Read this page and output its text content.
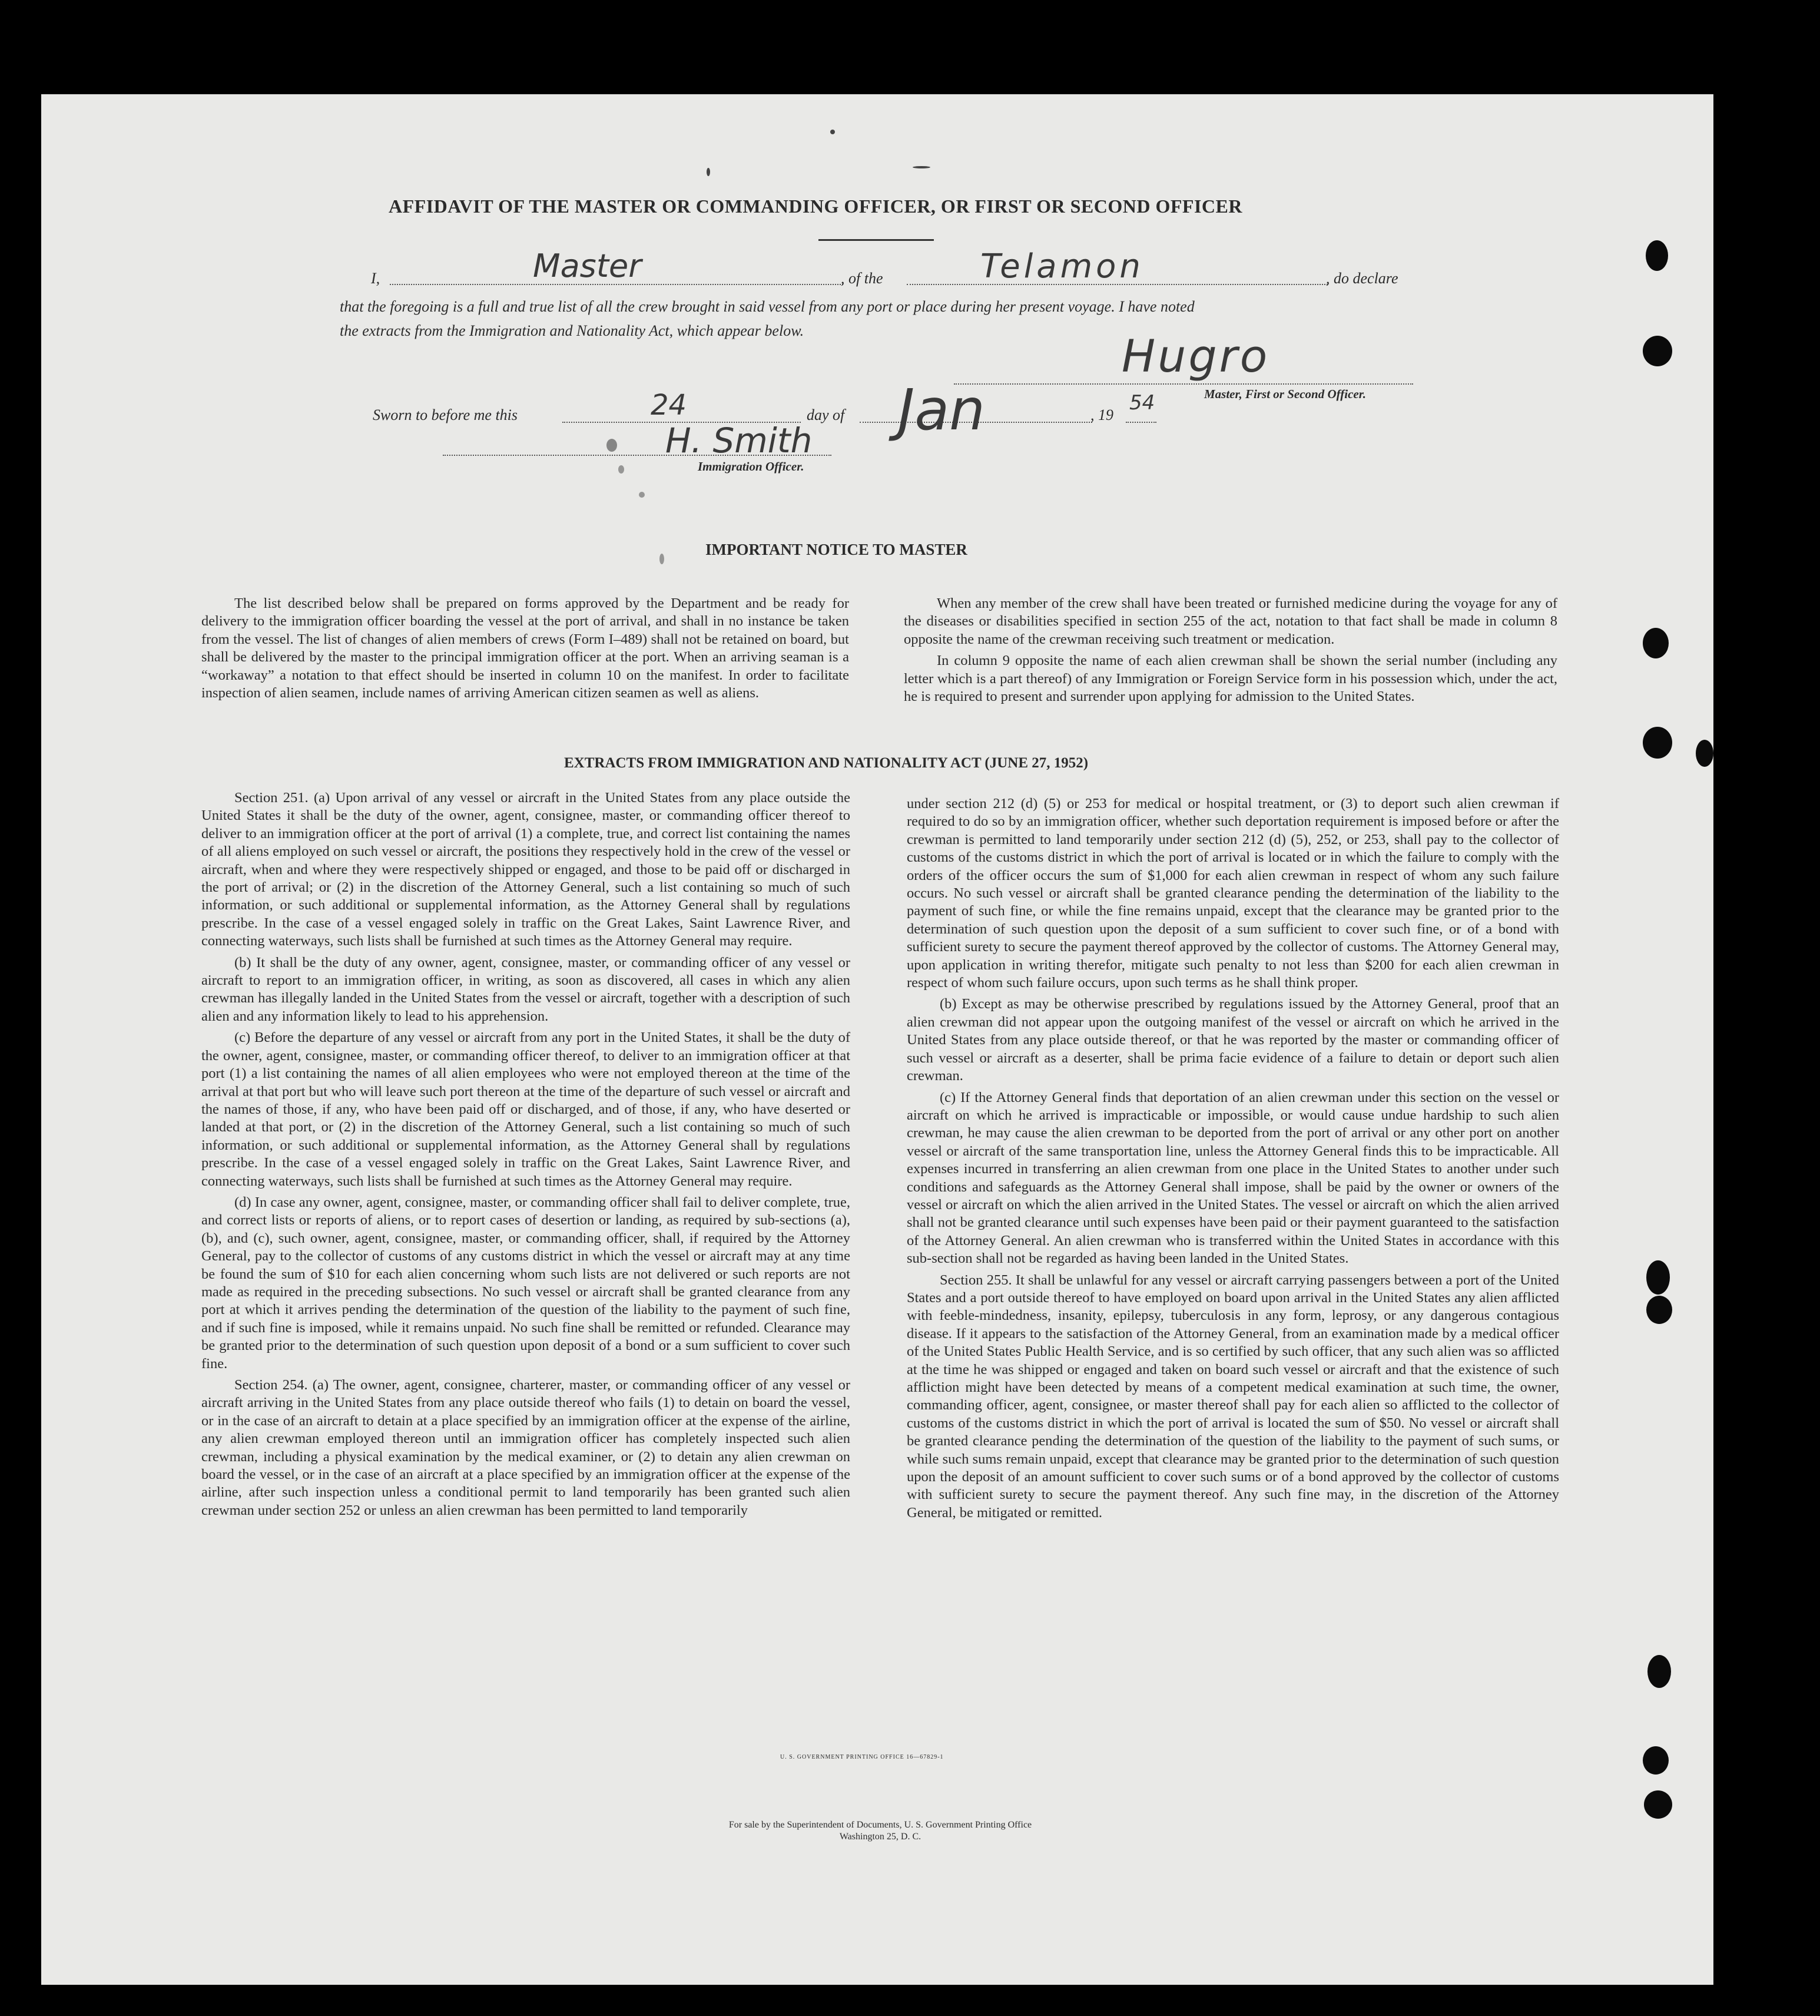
AFFIDAVIT OF THE MASTER OR COMMANDING OFFICER, OR FIRST OR SECOND OFFICER
I,	Master	, of the	Telamon	, do declare
that the foregoing is a full and true list of all the crew brought in said vessel from any port or place during her present voyage. I have noted
the extracts from the Immigration and Nationality Act, which appear below.	Hugro
Master, First or Second Officer.
Sworn to before me this	24	day of Jan	, 19
54
H. Smith
Immigration Officer.
IMPORTANT NOTICE TO MASTER

The list described below shall be prepared on forms approved by the Department and be ready for delivery to the immigration officer boarding the vessel at the port of arrival, and shall in no instance be taken from the vessel. The list of changes of alien members of crews (Form I–489) shall not be retained on board, but shall be delivered by the master to the principal immigration officer at the port. When an arriving seaman is a “workaway” a notation to that effect should be inserted in column 10 on the manifest. In order to facilitate inspection of alien seamen, include names of arriving American citizen seamen as well as aliens.

When any member of the crew shall have been treated or furnished medicine during the voyage for any of the diseases or disabilities specified in section 255 of the act, notation to that fact shall be made in column 8 opposite the name of the crewman receiving such treatment or medication.

In column 9 opposite the name of each alien crewman shall be shown the serial number (including any letter which is a part thereof) of any Immigration or Foreign Service form in his possession which, under the act, he is required to present and surrender upon applying for admission to the United States.

EXTRACTS FROM IMMIGRATION AND NATIONALITY ACT (JUNE 27, 1952)

Section 251. (a) Upon arrival of any vessel or aircraft in the United States from any place outside the United States it shall be the duty of the owner, agent, consignee, master, or commanding officer thereof to deliver to an immigration officer at the port of arrival (1) a complete, true, and correct list containing the names of all aliens employed on such vessel or aircraft, the positions they respectively hold in the crew of the vessel or aircraft, when and where they were respectively shipped or engaged, and those to be paid off or discharged in the port of arrival; or (2) in the discretion of the Attorney General, such a list containing so much of such information, or such additional or supplemental information, as the Attorney General shall by regulations prescribe. In the case of a vessel engaged solely in traffic on the Great Lakes, Saint Lawrence River, and connecting waterways, such lists shall be furnished at such times as the Attorney General may require.

(b) It shall be the duty of any owner, agent, consignee, master, or commanding officer of any vessel or aircraft to report to an immigration officer, in writing, as soon as discovered, all cases in which any alien crewman has illegally landed in the United States from the vessel or aircraft, together with a description of such alien and any information likely to lead to his apprehension.

(c) Before the departure of any vessel or aircraft from any port in the United States, it shall be the duty of the owner, agent, consignee, master, or commanding officer thereof, to deliver to an immigration officer at that port (1) a list containing the names of all alien employees who were not employed thereon at the time of the arrival at that port but who will leave such port thereon at the time of the departure of such vessel or aircraft and the names of those, if any, who have been paid off or discharged, and of those, if any, who have deserted or landed at that port, or (2) in the discretion of the Attorney General, such a list containing so much of such information, or such additional or supplemental information, as the Attorney General shall by regulations prescribe. In the case of a vessel engaged solely in traffic on the Great Lakes, Saint Lawrence River, and connecting waterways, such lists shall be furnished at such times as the Attorney General may require.

(d) In case any owner, agent, consignee, master, or commanding officer shall fail to deliver complete, true, and correct lists or reports of aliens, or to report cases of desertion or landing, as required by sub-sections (a), (b), and (c), such owner, agent, consignee, master, or commanding officer, shall, if required by the Attorney General, pay to the collector of customs of any customs district in which the vessel or aircraft may at any time be found the sum of $10 for each alien concerning whom such lists are not delivered or such reports are not made as required in the preceding subsections. No such vessel or aircraft shall be granted clearance from any port at which it arrives pending the determination of the question of the liability to the payment of such fine, and if such fine is imposed, while it remains unpaid. No such fine shall be remitted or refunded. Clearance may be granted prior to the determination of such question upon deposit of a bond or a sum sufficient to cover such fine.

Section 254. (a) The owner, agent, consignee, charterer, master, or commanding officer of any vessel or aircraft arriving in the United States from any place outside thereof who fails (1) to detain on board the vessel, or in the case of an aircraft to detain at a place specified by an immigration officer at the expense of the airline, any alien crewman employed thereon until an immigration officer has completely inspected such alien crewman, including a physical examination by the medical examiner, or (2) to detain any alien crewman on board the vessel, or in the case of an aircraft at a place specified by an immigration officer at the expense of the airline, after such inspection unless a conditional permit to land temporarily has been granted such alien crewman under section 252 or unless an alien crewman has been permitted to land temporarily

under section 212 (d) (5) or 253 for medical or hospital treatment, or (3) to deport such alien crewman if required to do so by an immigration officer, whether such deportation requirement is imposed before or after the crewman is permitted to land temporarily under section 212 (d) (5), 252, or 253, shall pay to the collector of customs of the customs district in which the port of arrival is located or in which the failure to comply with the orders of the officer occurs the sum of $1,000 for each alien crewman in respect of whom any such failure occurs. No such vessel or aircraft shall be granted clearance pending the determination of the liability to the payment of such fine, or while the fine remains unpaid, except that the clearance may be granted prior to the determination of such question upon the deposit of a sum sufficient to cover such fine, or of a bond with sufficient surety to secure the payment thereof approved by the collector of customs. The Attorney General may, upon application in writing therefor, mitigate such penalty to not less than $200 for each alien crewman in respect of whom such failure occurs, upon such terms as he shall think proper.

(b) Except as may be otherwise prescribed by regulations issued by the Attorney General, proof that an alien crewman did not appear upon the outgoing manifest of the vessel or aircraft on which he arrived in the United States from any place outside thereof, or that he was reported by the master or commanding officer of such vessel or aircraft as a deserter, shall be prima facie evidence of a failure to detain or deport such alien crewman.

(c) If the Attorney General finds that deportation of an alien crewman under this section on the vessel or aircraft on which he arrived is impracticable or impossible, or would cause undue hardship to such alien crewman, he may cause the alien crewman to be deported from the port of arrival or any other port on another vessel or aircraft of the same transportation line, unless the Attorney General finds this to be impracticable. All expenses incurred in transferring an alien crewman from one place in the United States to another under such conditions and safeguards as the Attorney General shall impose, shall be paid by the owner or owners of the vessel or aircraft on which the alien arrived in the United States. The vessel or aircraft on which the alien arrived shall not be granted clearance until such expenses have been paid or their payment guaranteed to the satisfaction of the Attorney General. An alien crewman who is transferred within the United States in accordance with this sub-section shall not be regarded as having been landed in the United States.

Section 255. It shall be unlawful for any vessel or aircraft carrying passengers between a port of the United States and a port outside thereof to have employed on board upon arrival in the United States any alien afflicted with feeble-mindedness, insanity, epilepsy, tuberculosis in any form, leprosy, or any dangerous contagious disease. If it appears to the satisfaction of the Attorney General, from an examination made by a medical officer of the United States Public Health Service, and is so certified by such officer, that any such alien was so afflicted at the time he was shipped or engaged and taken on board such vessel or aircraft and that the existence of such affliction might have been detected by means of a competent medical examination at such time, the owner, commanding officer, agent, consignee, or master thereof shall pay for each alien so afflicted to the collector of customs of the customs district in which the port of arrival is located the sum of $50. No vessel or aircraft shall be granted clearance pending the determination of the question of the liability to the payment of such sums, or while such sums remain unpaid, except that clearance may be granted prior to the determination of such question upon the deposit of an amount sufficient to cover such sums or of a bond approved by the collector of customs with sufficient surety to secure the payment thereof. Any such fine may, in the discretion of the Attorney General, be mitigated or remitted.

U. S. GOVERNMENT PRINTING OFFICE 16—67829-1
For sale by the Superintendent of Documents, U. S. Government Printing Office
Washington 25, D. C.
